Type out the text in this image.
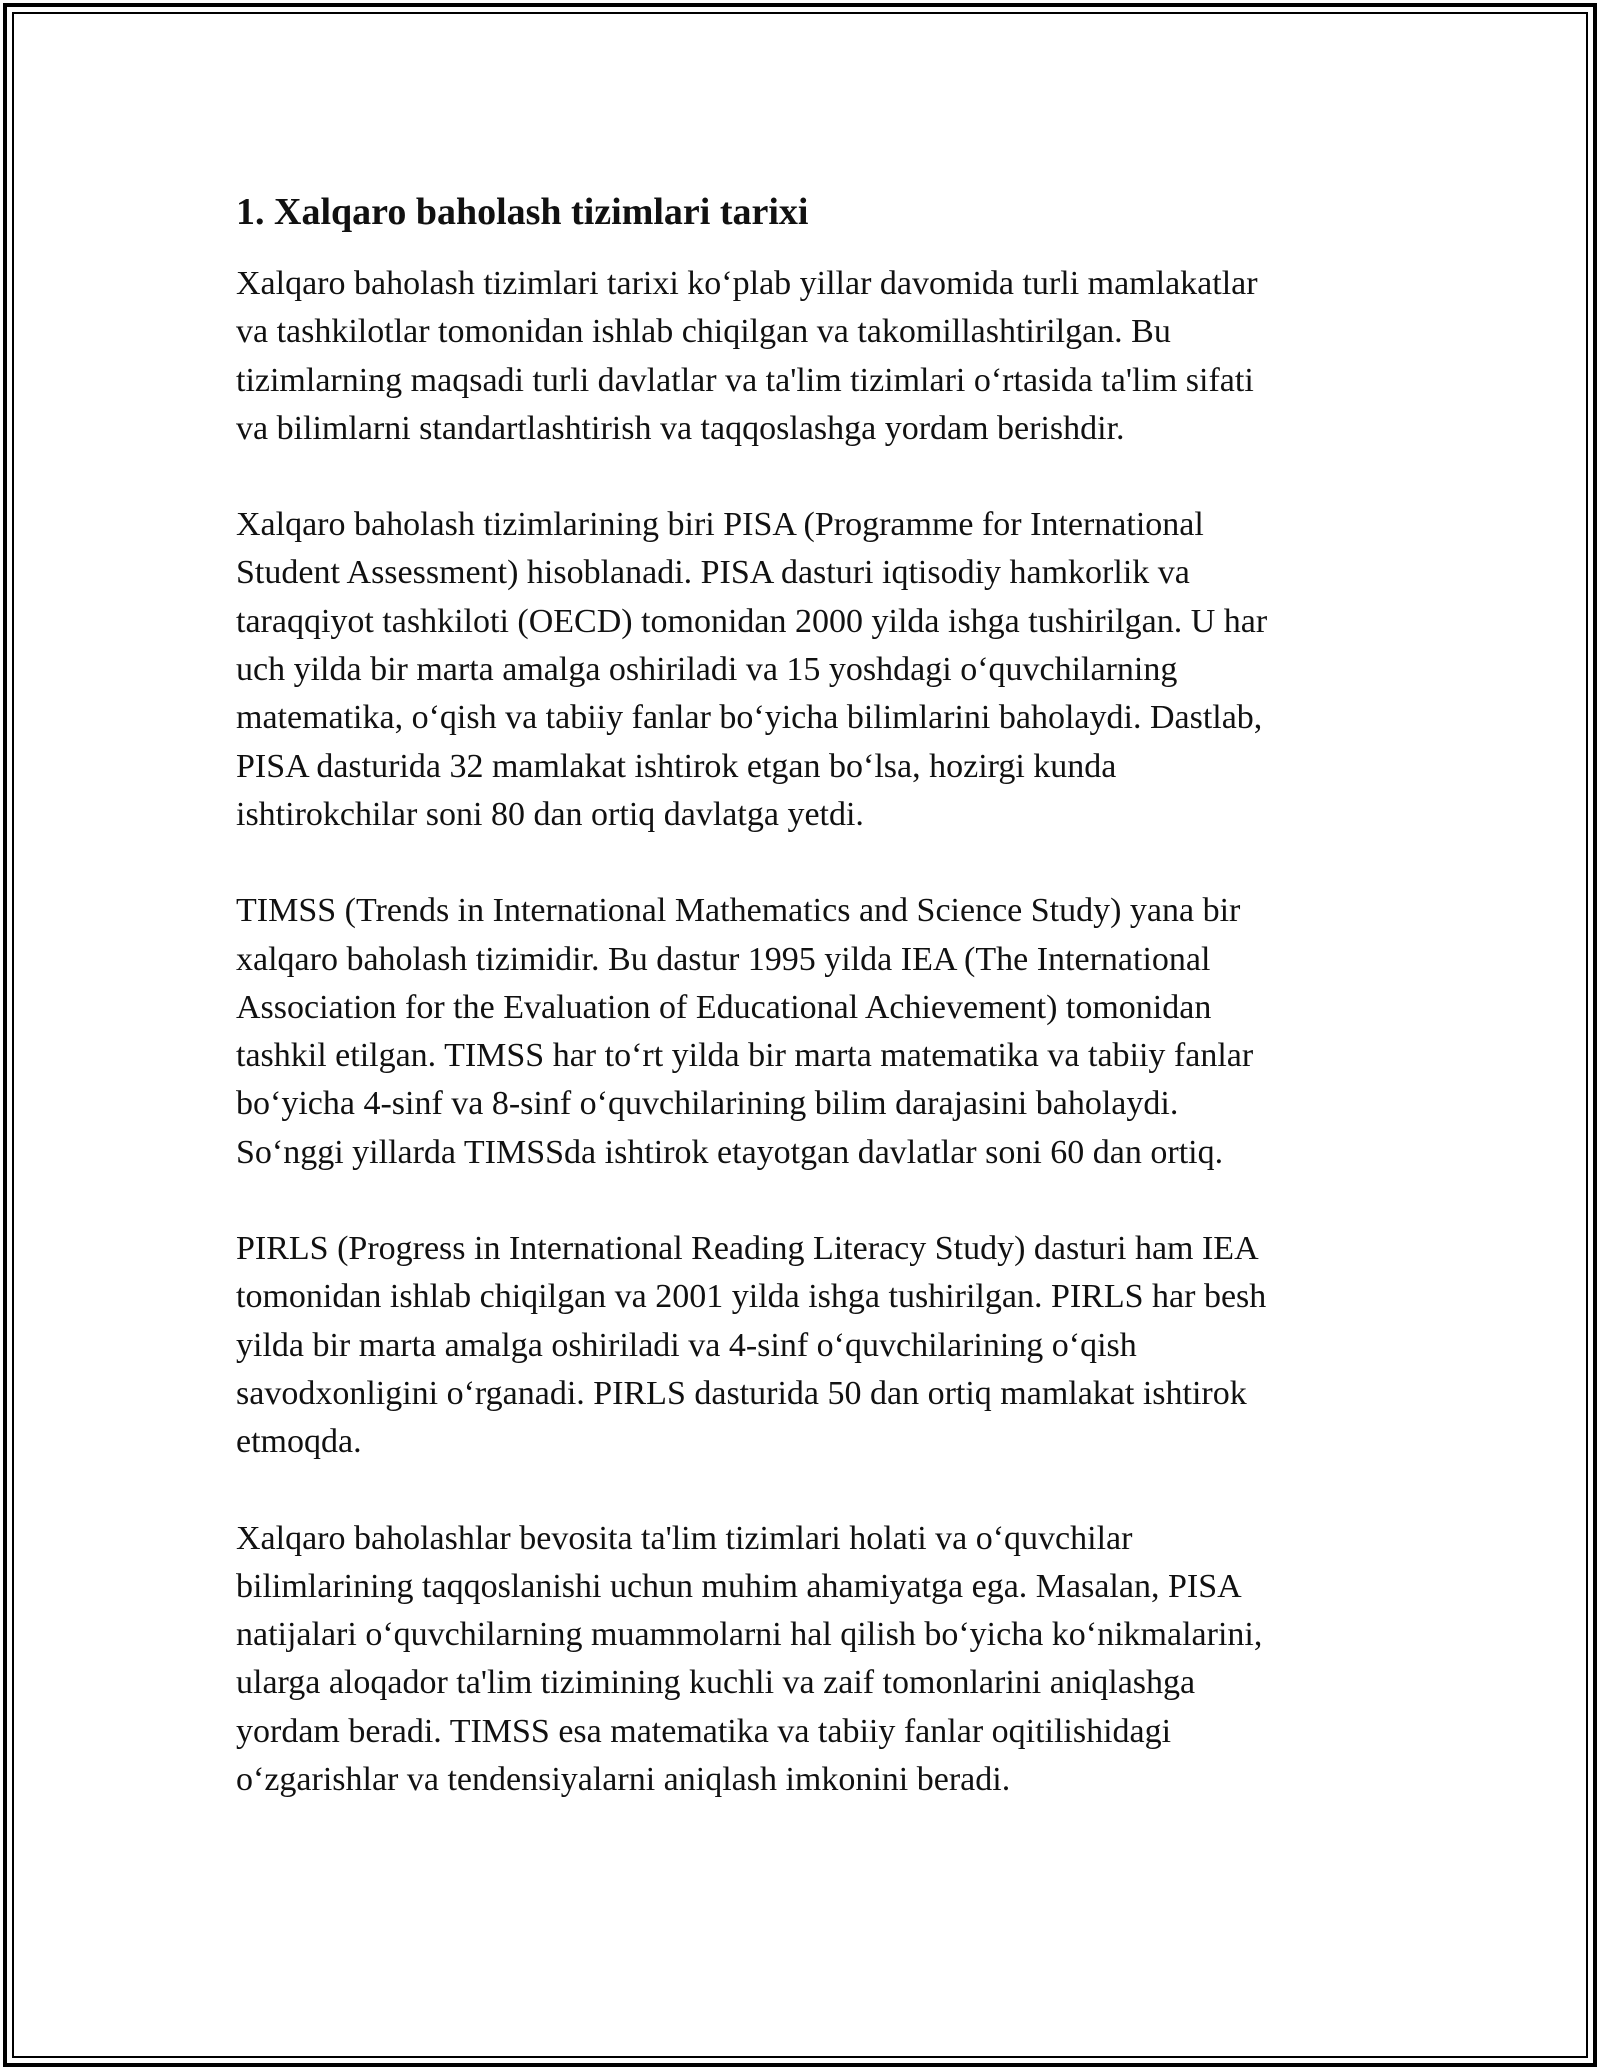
1. Xalqaro baholash tizimlari tarixi

Xalqaro baholash tizimlari tarixi ko‘plab yillar davomida turli mamlakatlar
va tashkilotlar tomonidan ishlab chiqilgan va takomillashtirilgan. Bu
tizimlarning maqsadi turli davlatlar va ta'lim tizimlari o‘rtasida ta'lim sifati
va bilimlarni standartlashtirish va taqqoslashga yordam berishdir.

Xalqaro baholash tizimlarining biri PISA (Programme for International
Student Assessment) hisoblanadi. PISA dasturi iqtisodiy hamkorlik va
taraqqiyot tashkiloti (OECD) tomonidan 2000 yilda ishga tushirilgan. U har
uch yilda bir marta amalga oshiriladi va 15 yoshdagi o‘quvchilarning
matematika, o‘qish va tabiiy fanlar bo‘yicha bilimlarini baholaydi. Dastlab,
PISA dasturida 32 mamlakat ishtirok etgan bo‘lsa, hozirgi kunda
ishtirokchilar soni 80 dan ortiq davlatga yetdi.

TIMSS (Trends in International Mathematics and Science Study) yana bir
xalqaro baholash tizimidir. Bu dastur 1995 yilda IEA (The International
Association for the Evaluation of Educational Achievement) tomonidan
tashkil etilgan. TIMSS har to‘rt yilda bir marta matematika va tabiiy fanlar
bo‘yicha 4-sinf va 8-sinf o‘quvchilarining bilim darajasini baholaydi.
So‘nggi yillarda TIMSSda ishtirok etayotgan davlatlar soni 60 dan ortiq.

PIRLS (Progress in International Reading Literacy Study) dasturi ham IEA
tomonidan ishlab chiqilgan va 2001 yilda ishga tushirilgan. PIRLS har besh
yilda bir marta amalga oshiriladi va 4-sinf o‘quvchilarining o‘qish
savodxonligini o‘rganadi. PIRLS dasturida 50 dan ortiq mamlakat ishtirok
etmoqda.

Xalqaro baholashlar bevosita ta'lim tizimlari holati va o‘quvchilar
bilimlarining taqqoslanishi uchun muhim ahamiyatga ega. Masalan, PISA
natijalari o‘quvchilarning muammolarni hal qilish bo‘yicha ko‘nikmalarini,
ularga aloqador ta'lim tizimining kuchli va zaif tomonlarini aniqlashga
yordam beradi. TIMSS esa matematika va tabiiy fanlar oqitilishidagi
o‘zgarishlar va tendensiyalarni aniqlash imkonini beradi.
